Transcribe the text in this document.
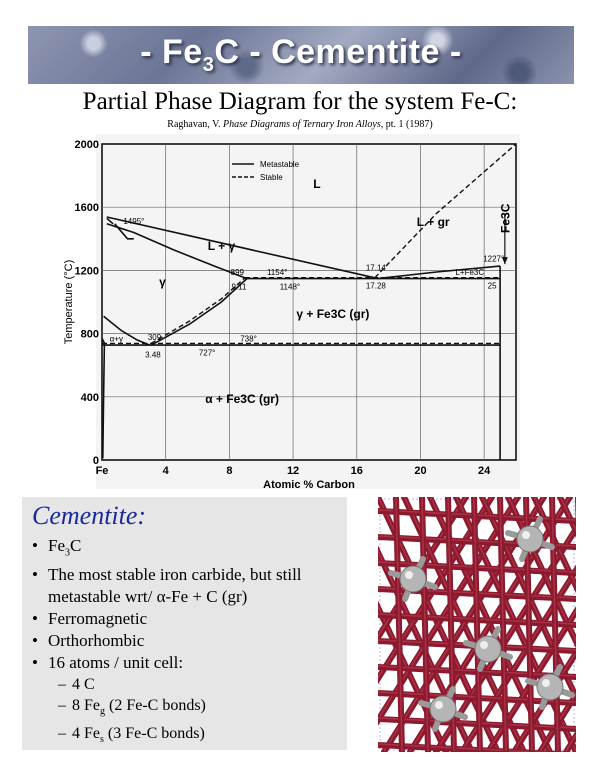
- $Fe_3C$ - Cementite -
Partial Phase Diagram for the system Fe-C:
Raghavan, V. Phase Diagrams of Ternary Iron Alloys, pt. 1 (1987)
Fe	4	8	12	16	20	24
0
400
800
1200
1600
2000
Atomic % Carbon
Temperature (°C)
1495°
L
L + gr	Fe3C
L + γ
1227°
17.14
899	1154°	L+Fe3C
γ	9.11	1148°	17.28	25
γ + Fe3C (gr)
α+γ	309	738°
3.48	727°
α + Fe3C (gr)
Metastable
Stable
Cementite:
• $Fe_3C$
• The most stable iron carbide, but still
metastable wrt/ α-Fe + C (gr)
• Ferromagnetic
• Orthorhombic
• 16 atoms / unit cell:
– 4 C
– 8 $Fe_g$ (2 Fe-C bonds)
– 4 $Fe_s$ (3 Fe-C bonds)
